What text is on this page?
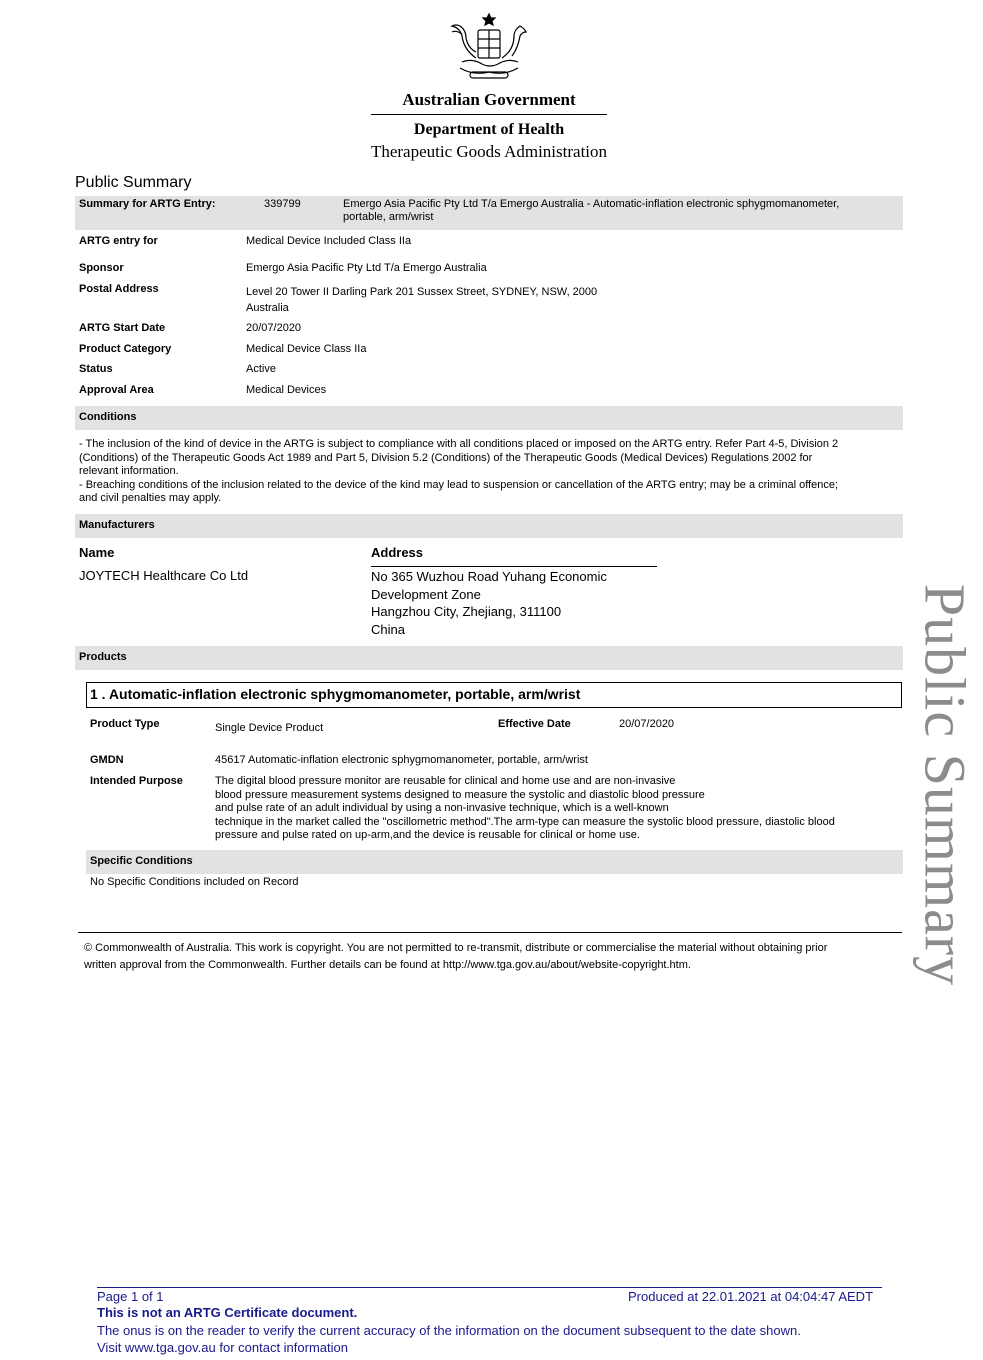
Australian Government
Department of Health
Therapeutic Goods Administration
Public Summary
Summary for ARTG Entry:	339799	Emergo Asia Pacific Pty Ltd T/a Emergo Australia - Automatic-inflation electronic sphygmomanometer,
portable, arm/wrist
ARTG entry for	Medical Device Included Class IIa
Sponsor	Emergo Asia Pacific Pty Ltd T/a Emergo Australia
Postal Address	Level 20 Tower II Darling Park 201 Sussex Street, SYDNEY, NSW, 2000
Australia
ARTG Start Date	20/07/2020
Product Category	Medical Device Class IIa
Status	Active
Approval Area	Medical Devices
Conditions
- The inclusion of the kind of device in the ARTG is subject to compliance with all conditions placed or imposed on the ARTG entry. Refer Part 4-5, Division 2
(Conditions) of the Therapeutic Goods Act 1989 and Part 5, Division 5.2 (Conditions) of the Therapeutic Goods (Medical Devices) Regulations 2002 for
relevant information.
- Breaching conditions of the inclusion related to the device of the kind may lead to suspension or cancellation of the ARTG entry; may be a criminal offence;
and civil penalties may apply.
Manufacturers
Name	Address
JOYTECH Healthcare Co Ltd	No 365 Wuzhou Road Yuhang Economic
Development Zone
Hangzhou City, Zhejiang, 311100
China
Products
1 . Automatic-inflation electronic sphygmomanometer, portable, arm/wrist
Product Type	Single Device Product	Effective Date	20/07/2020
GMDN	45617 Automatic-inflation electronic sphygmomanometer, portable, arm/wrist
Intended Purpose	The digital blood pressure monitor are reusable for clinical and home use and are non-invasive
blood pressure measurement systems designed to measure the systolic and diastolic blood pressure
and pulse rate of an adult individual by using a non-invasive technique, which is a well-known
technique in the market called the "oscillometric method".The arm-type can measure the systolic blood pressure, diastolic blood
pressure and pulse rated on up-arm,and the device is reusable for clinical or home use.
Specific Conditions
No Specific Conditions included on Record
© Commonwealth of Australia. This work is copyright. You are not permitted to re-transmit, distribute or commercialise the material without obtaining prior
written approval from the Commonwealth. Further details can be found at http://www.tga.gov.au/about/website-copyright.htm.	Public Summary
Page 1 of 1	Produced at 22.01.2021 at 04:04:47 AEDT
This is not an ARTG Certificate document.
The onus is on the reader to verify the current accuracy of the information on the document subsequent to the date shown.
Visit www.tga.gov.au for contact information
